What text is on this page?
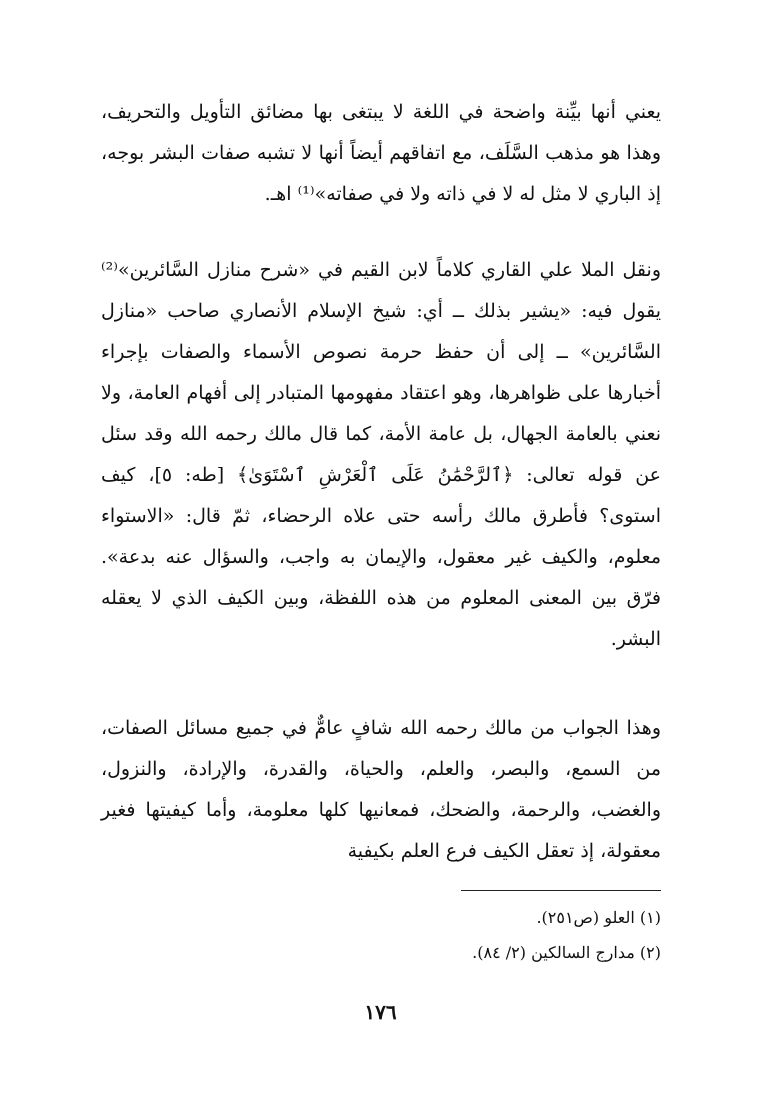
يعني أنها بيِّنة واضحة في اللغة لا يبتغى بها مضائق التأويل والتحريف، وهذا هو مذهب السَّلَف، مع اتفاقهم أيضاً أنها لا تشبه صفات البشر بوجه، إذ الباري لا مثل له لا في ذاته ولا في صفاته»⁽¹⁾ اهـ.
ونقل الملا علي القاري كلاماً لابن القيم في «شرح منازل السَّائرين»⁽²⁾ يقول فيه: «يشير بذلك ــ أي: شيخ الإسلام الأنصاري صاحب «منازل السَّائرين» ــ إلى أن حفظ حرمة نصوص الأسماء والصفات بإجراء أخبارها على ظواهرها، وهو اعتقاد مفهومها المتبادر إلى أفهام العامة، ولا نعني بالعامة الجهال، بل عامة الأمة، كما قال مالك رحمه الله وقد سئل عن قوله تعالى: ﴿ٱلرَّحْمَٰنُ عَلَى ٱلْعَرْشِ ٱسْتَوَىٰ﴾ [طه: ٥]، كيف استوى؟ فأطرق مالك رأسه حتى علاه الرحضاء، ثمّ قال: «الاستواء معلوم، والكيف غير معقول، والإيمان به واجب، والسؤال عنه بدعة». فرّق بين المعنى المعلوم من هذه اللفظة، وبين الكيف الذي لا يعقله البشر.
وهذا الجواب من مالك رحمه الله شافٍ عامٌّ في جميع مسائل الصفات، من السمع، والبصر، والعلم، والحياة، والقدرة، والإرادة، والنزول، والغضب، والرحمة، والضحك، فمعانيها كلها معلومة، وأما كيفيتها فغير معقولة، إذ تعقل الكيف فرع العلم بكيفية
(١) العلو (ص٢٥١).
(٢) مدارج السالكين (٢/ ٨٤).
١٧٦
